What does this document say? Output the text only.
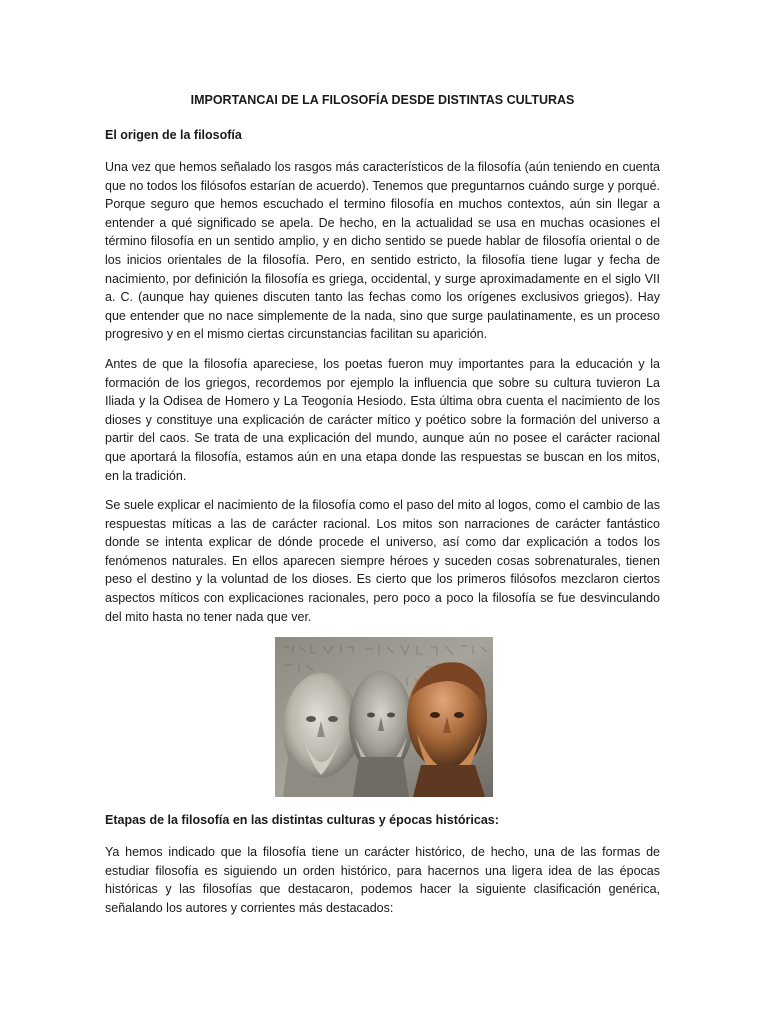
IMPORTANCAI DE LA FILOSOFÍA DESDE DISTINTAS CULTURAS
El origen de la filosofía

Una vez que hemos señalado los rasgos más característicos de la filosofía (aún teniendo en cuenta que no todos los filósofos estarían de acuerdo). Tenemos que preguntarnos cuándo surge y porqué. Porque seguro que hemos escuchado el termino filosofía en muchos contextos, aún sin llegar a entender a qué significado se apela. De hecho, en la actualidad se usa en muchas ocasiones el término filosofía en un sentido amplio, y en dicho sentido se puede hablar de filosofía oriental o de los inicios orientales de la filosofía. Pero, en sentido estricto, la filosofía tiene lugar y fecha de nacimiento, por definición la filosofía es griega, occidental, y surge aproximadamente en el siglo VII a. C. (aunque hay quienes discuten tanto las fechas como los orígenes exclusivos griegos). Hay que entender que no nace simplemente de la nada, sino que surge paulatinamente, es un proceso progresivo y en el mismo ciertas circunstancias facilitan su aparición.

Antes de que la filosofía apareciese, los poetas fueron muy importantes para la educación y la formación de los griegos, recordemos por ejemplo la influencia que sobre su cultura tuvieron La Iliada y la Odisea de Homero y La Teogonía Hesiodo. Esta última obra cuenta el nacimiento de los dioses y constituye una explicación de carácter mítico y poético sobre la formación del universo a partir del caos. Se trata de una explicación del mundo, aunque aún no posee el carácter racional que aportará la filosofía, estamos aún en una etapa donde las respuestas se buscan en los mitos, en la tradición.

Se suele explicar el nacimiento de la filosofía como el paso del mito al logos, como el cambio de las respuestas míticas a las de carácter racional. Los mitos son narraciones de carácter fantástico donde se intenta explicar de dónde procede el universo, así como dar explicación a todos los fenómenos naturales. En ellos aparecen siempre héroes y suceden cosas sobrenaturales, tienen peso el destino y la voluntad de los dioses. Es cierto que los primeros filósofos mezclaron ciertos aspectos míticos con explicaciones racionales, pero poco a poco la filosofía se fue desvinculando del mito hasta no tener nada que ver.

Etapas de la filosofía en las distintas culturas y épocas históricas:

Ya hemos indicado que la filosofía tiene un carácter histórico, de hecho, una de las formas de estudiar filosofía es siguiendo un orden histórico, para hacernos una ligera idea de las épocas históricas y las filosofías que destacaron, podemos hacer la siguiente clasificación genérica, señalando los autores y corrientes más destacados:
